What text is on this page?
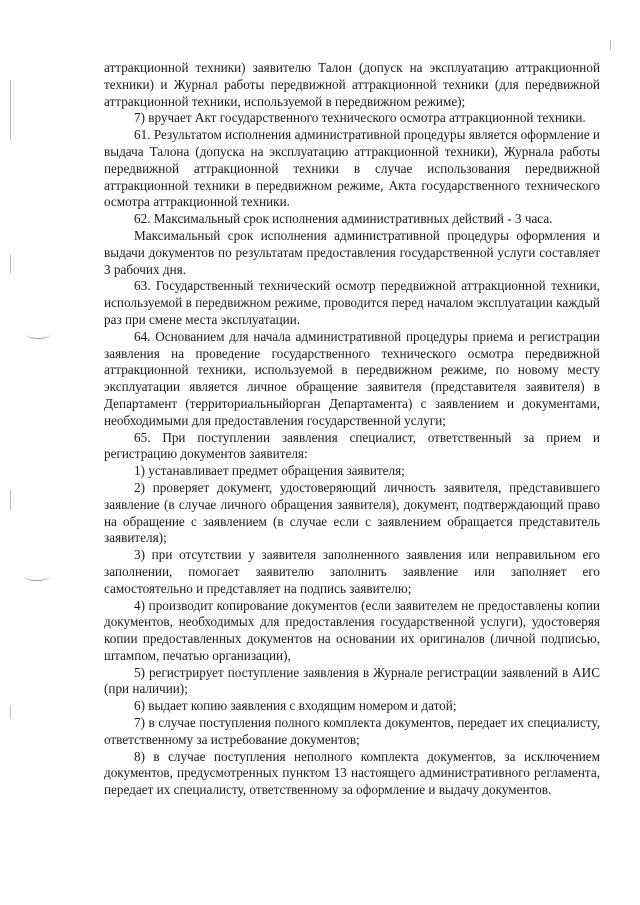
аттракционной техники) заявителю Талон (допуск на эксплуатацию аттракционной техники) и Журнал работы передвижной аттракционной техники (для передвижной аттракционной техники, используемой в передвижном режиме);

7) вручает Акт государственного технического осмотра аттракционной техники.

61. Результатом исполнения административной процедуры является оформление и выдача Талона (допуска на эксплуатацию аттракционной техники), Журнала работы передвижной аттракционной техники в случае использования передвижной аттракционной техники в передвижном режиме, Акта государственного технического осмотра аттракционной техники.

62. Максимальный срок исполнения административных действий - 3 часа.

Максимальный срок исполнения административной процедуры оформления и выдачи документов по результатам предоставления государственной услуги составляет 3 рабочих дня.

63. Государственный технический осмотр передвижной аттракционной техники, используемой в передвижном режиме, проводится перед началом эксплуатации каждый раз при смене места эксплуатации.

64. Основанием для начала административной процедуры приема и регистрации заявления на проведение государственного технического осмотра передвижной аттракционной техники, используемой в передвижном режиме, по новому месту эксплуатации является личное обращение заявителя (представителя заявителя) в Департамент (территориальныйорган Департамента) с заявлением и документами, необходимыми для предоставления государственной услуги;

65. При поступлении заявления специалист, ответственный за прием и регистрацию документов заявителя:

1) устанавливает предмет обращения заявителя;

2) проверяет документ, удостоверяющий личность заявителя, представившего заявление (в случае личного обращения заявителя), документ, подтверждающий право на обращение с заявлением (в случае если с заявлением обращается представитель заявителя);

3) при отсутствии у заявителя заполненного заявления или неправильном его заполнении, помогает заявителю заполнить заявление или заполняет его самостоятельно и представляет на подпись заявителю;

4) производит копирование документов (если заявителем не предоставлены копии документов, необходимых для предоставления государственной услуги), удостоверяя копии предоставленных документов на основании их оригиналов (личной подписью, штампом, печатью организации),

5) регистрирует поступление заявления в Журнале регистрации заявлений в АИС (при наличии);

6) выдает копию заявления с входящим номером и датой;

7) в случае поступления полного комплекта документов, передает их специалисту, ответственному за истребование документов;

8) в случае поступления неполного комплекта документов, за исключением документов, предусмотренных пунктом 13 настоящего административного регламента, передает их специалисту, ответственному за оформление и выдачу документов.
